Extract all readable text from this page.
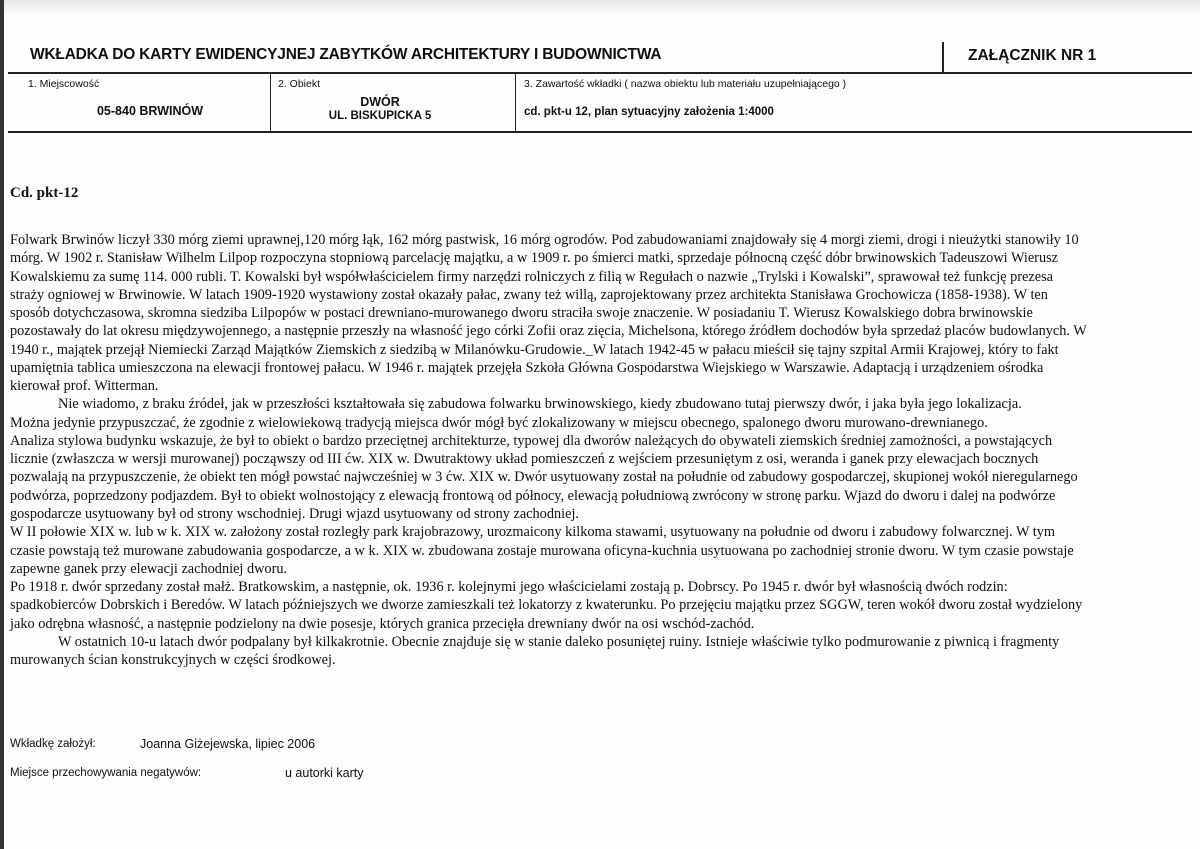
WKŁADKA DO KARTY EWIDENCYJNEJ ZABYTKÓW ARCHITEKTURY I BUDOWNICTWA	ZAŁĄCZNIK NR 1
1. Miejscowość
05-840 BRWINÓW
2. Obiekt
DWÓR
UL. BISKUPICKA 5
3. Zawartość wkładki ( nazwa obiektu lub materiału uzupełniającego )
cd. pkt-u 12, plan sytuacyjny założenia 1:4000
Cd. pkt-12
Folwark Brwinów liczył 330 mórg ziemi uprawnej,120 mórg łąk, 162 mórg pastwisk, 16 mórg ogrodów. Pod zabudowaniami znajdowały się 4 morgi ziemi, drogi i nieużytki stanowiły 10
mórg. W 1902 r. Stanisław Wilhelm Lilpop rozpoczyna stopniową parcelację majątku, a w 1909 r. po śmierci matki, sprzedaje północną część dóbr brwinowskich Tadeuszowi Wierusz
Kowalskiemu za sumę 114. 000 rubli. T. Kowalski był współwłaścicielem firmy narzędzi rolniczych z filią w Regułach o nazwie „Trylski i Kowalski”, sprawował też funkcję prezesa
straży ogniowej w Brwinowie. W latach 1909-1920 wystawiony został okazały pałac, zwany też willą, zaprojektowany przez architekta Stanisława Grochowicza (1858-1938). W ten
sposób dotychczasowa, skromna siedziba Lilpopów w postaci drewniano-murowanego dworu straciła swoje znaczenie. W posiadaniu T. Wierusz Kowalskiego dobra brwinowskie
pozostawały do lat okresu międzywojennego, a następnie przeszły na własność jego córki Zofii oraz zięcia, Michelsona, którego źródłem dochodów była sprzedaż placów budowlanych. W
1940 r., majątek przejął Niemiecki Zarząd Majątków Ziemskich z siedzibą w Milanówku-Grudowie._W latach 1942-45 w pałacu mieścił się tajny szpital Armii Krajowej, który to fakt
upamiętnia tablica umieszczona na elewacji frontowej pałacu. W 1946 r. majątek przejęła Szkoła Główna Gospodarstwa Wiejskiego w Warszawie. Adaptacją i urządzeniem ośrodka
kierował prof. Witterman.
Nie wiadomo, z braku źródeł, jak w przeszłości kształtowała się zabudowa folwarku brwinowskiego, kiedy zbudowano tutaj pierwszy dwór, i jaka była jego lokalizacja.
Można jedynie przypuszczać, że zgodnie z wielowiekową tradycją miejsca dwór mógł być zlokalizowany w miejscu obecnego, spalonego dworu murowano-drewnianego.
Analiza stylowa budynku wskazuje, że był to obiekt o bardzo przeciętnej architekturze, typowej dla dworów należących do obywateli ziemskich średniej zamożności, a powstających
licznie (zwłaszcza w wersji murowanej) począwszy od III ćw. XIX w. Dwutraktowy układ pomieszczeń z wejściem przesuniętym z osi, weranda i ganek przy elewacjach bocznych
pozwalają na przypuszczenie, że obiekt ten mógł powstać najwcześniej w 3 ćw. XIX w. Dwór usytuowany został na południe od zabudowy gospodarczej, skupionej wokół nieregularnego
podwórza, poprzedzony podjazdem. Był to obiekt wolnostojący z elewacją frontową od północy, elewacją południową zwrócony w stronę parku. Wjazd do dworu i dalej na podwórze
gospodarcze usytuowany był od strony wschodniej. Drugi wjazd usytuowany od strony zachodniej.
W II połowie XIX w. lub w k. XIX w. założony został rozległy park krajobrazowy, urozmaicony kilkoma stawami, usytuowany na południe od dworu i zabudowy folwarcznej. W tym
czasie powstają też murowane zabudowania gospodarcze, a w k. XIX w. zbudowana zostaje murowana oficyna-kuchnia usytuowana po zachodniej stronie dworu. W tym czasie powstaje
zapewne ganek przy elewacji zachodniej dworu.
Po 1918 r. dwór sprzedany został małż. Bratkowskim, a następnie, ok. 1936 r. kolejnymi jego właścicielami zostają p. Dobrscy. Po 1945 r. dwór był własnością dwóch rodzin:
spadkobierców Dobrskich i Beredów. W latach późniejszych we dworze zamieszkali też lokatorzy z kwaterunku. Po przejęciu majątku przez SGGW, teren wokół dworu został wydzielony
jako odrębna własność, a następnie podzielony na dwie posesje, których granica przecięła drewniany dwór na osi wschód-zachód.
W ostatnich 10-u latach dwór podpalany był kilkakrotnie. Obecnie znajduje się w stanie daleko posuniętej ruiny. Istnieje właściwie tylko podmurowanie z piwnicą i fragmenty
murowanych ścian konstrukcyjnych w części środkowej.
Wkładkę założył:	Joanna Giżejewska, lipiec 2006
Miejsce przechowywania negatywów:	u autorki karty
